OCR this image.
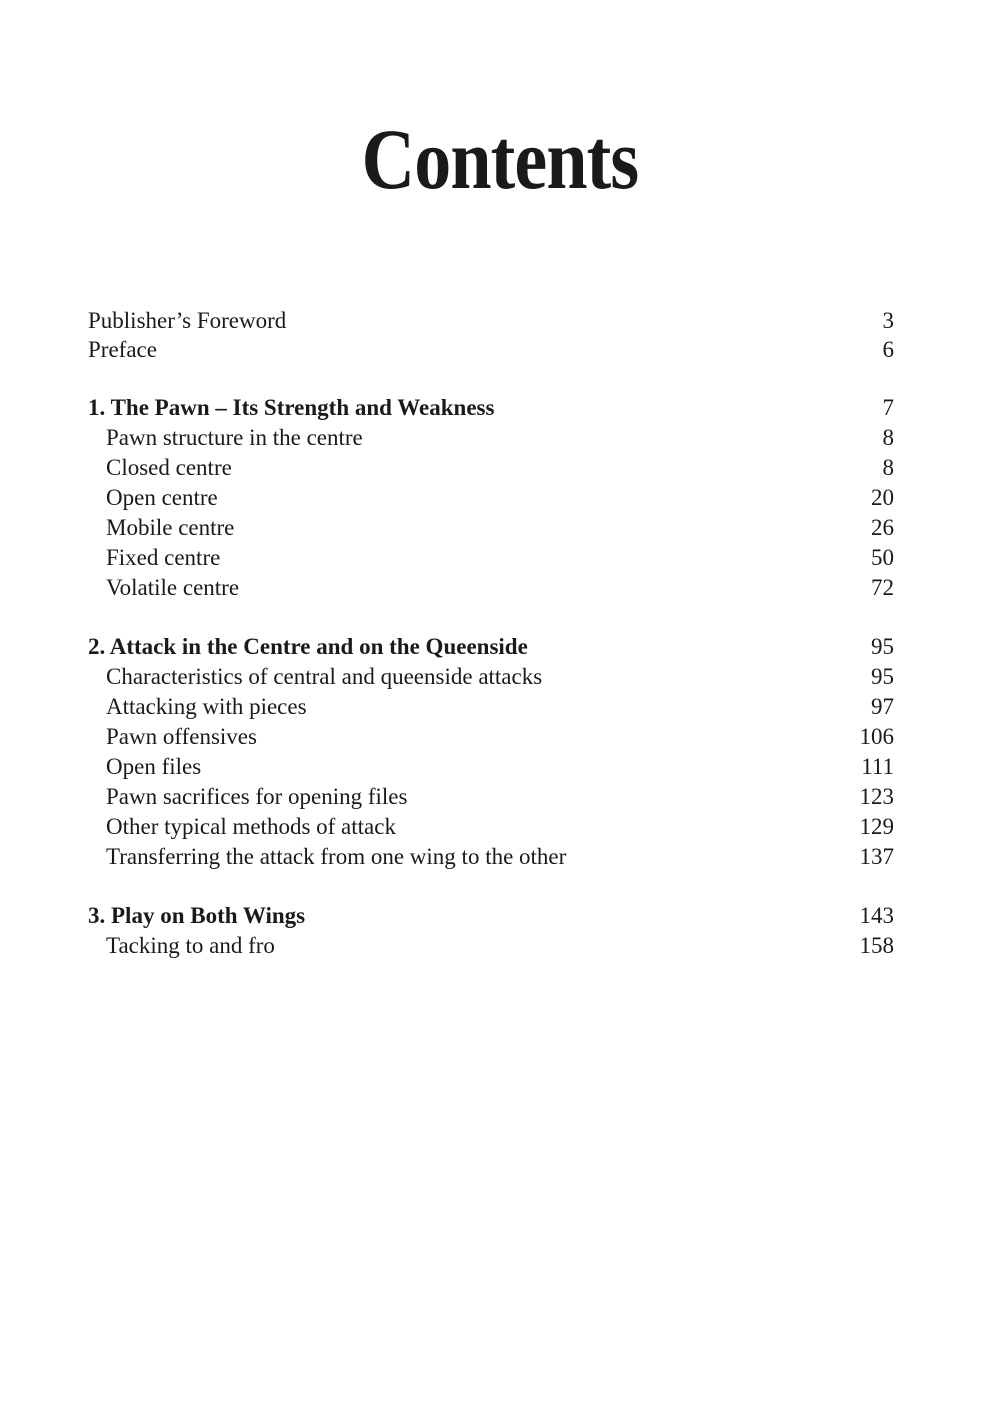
Contents
Publisher’s Foreword	3
Preface	6
1. The Pawn – Its Strength and Weakness	7
Pawn structure in the centre	8
Closed centre	8
Open centre	20
Mobile centre	26
Fixed centre	50
Volatile centre	72
2. Attack in the Centre and on the Queenside	95
Characteristics of central and queenside attacks	95
Attacking with pieces	97
Pawn offensives	106
Open files	111
Pawn sacrifices for opening files	123
Other typical methods of attack	129
Transferring the attack from one wing to the other	137
3. Play on Both Wings	143
Tacking to and fro	158
